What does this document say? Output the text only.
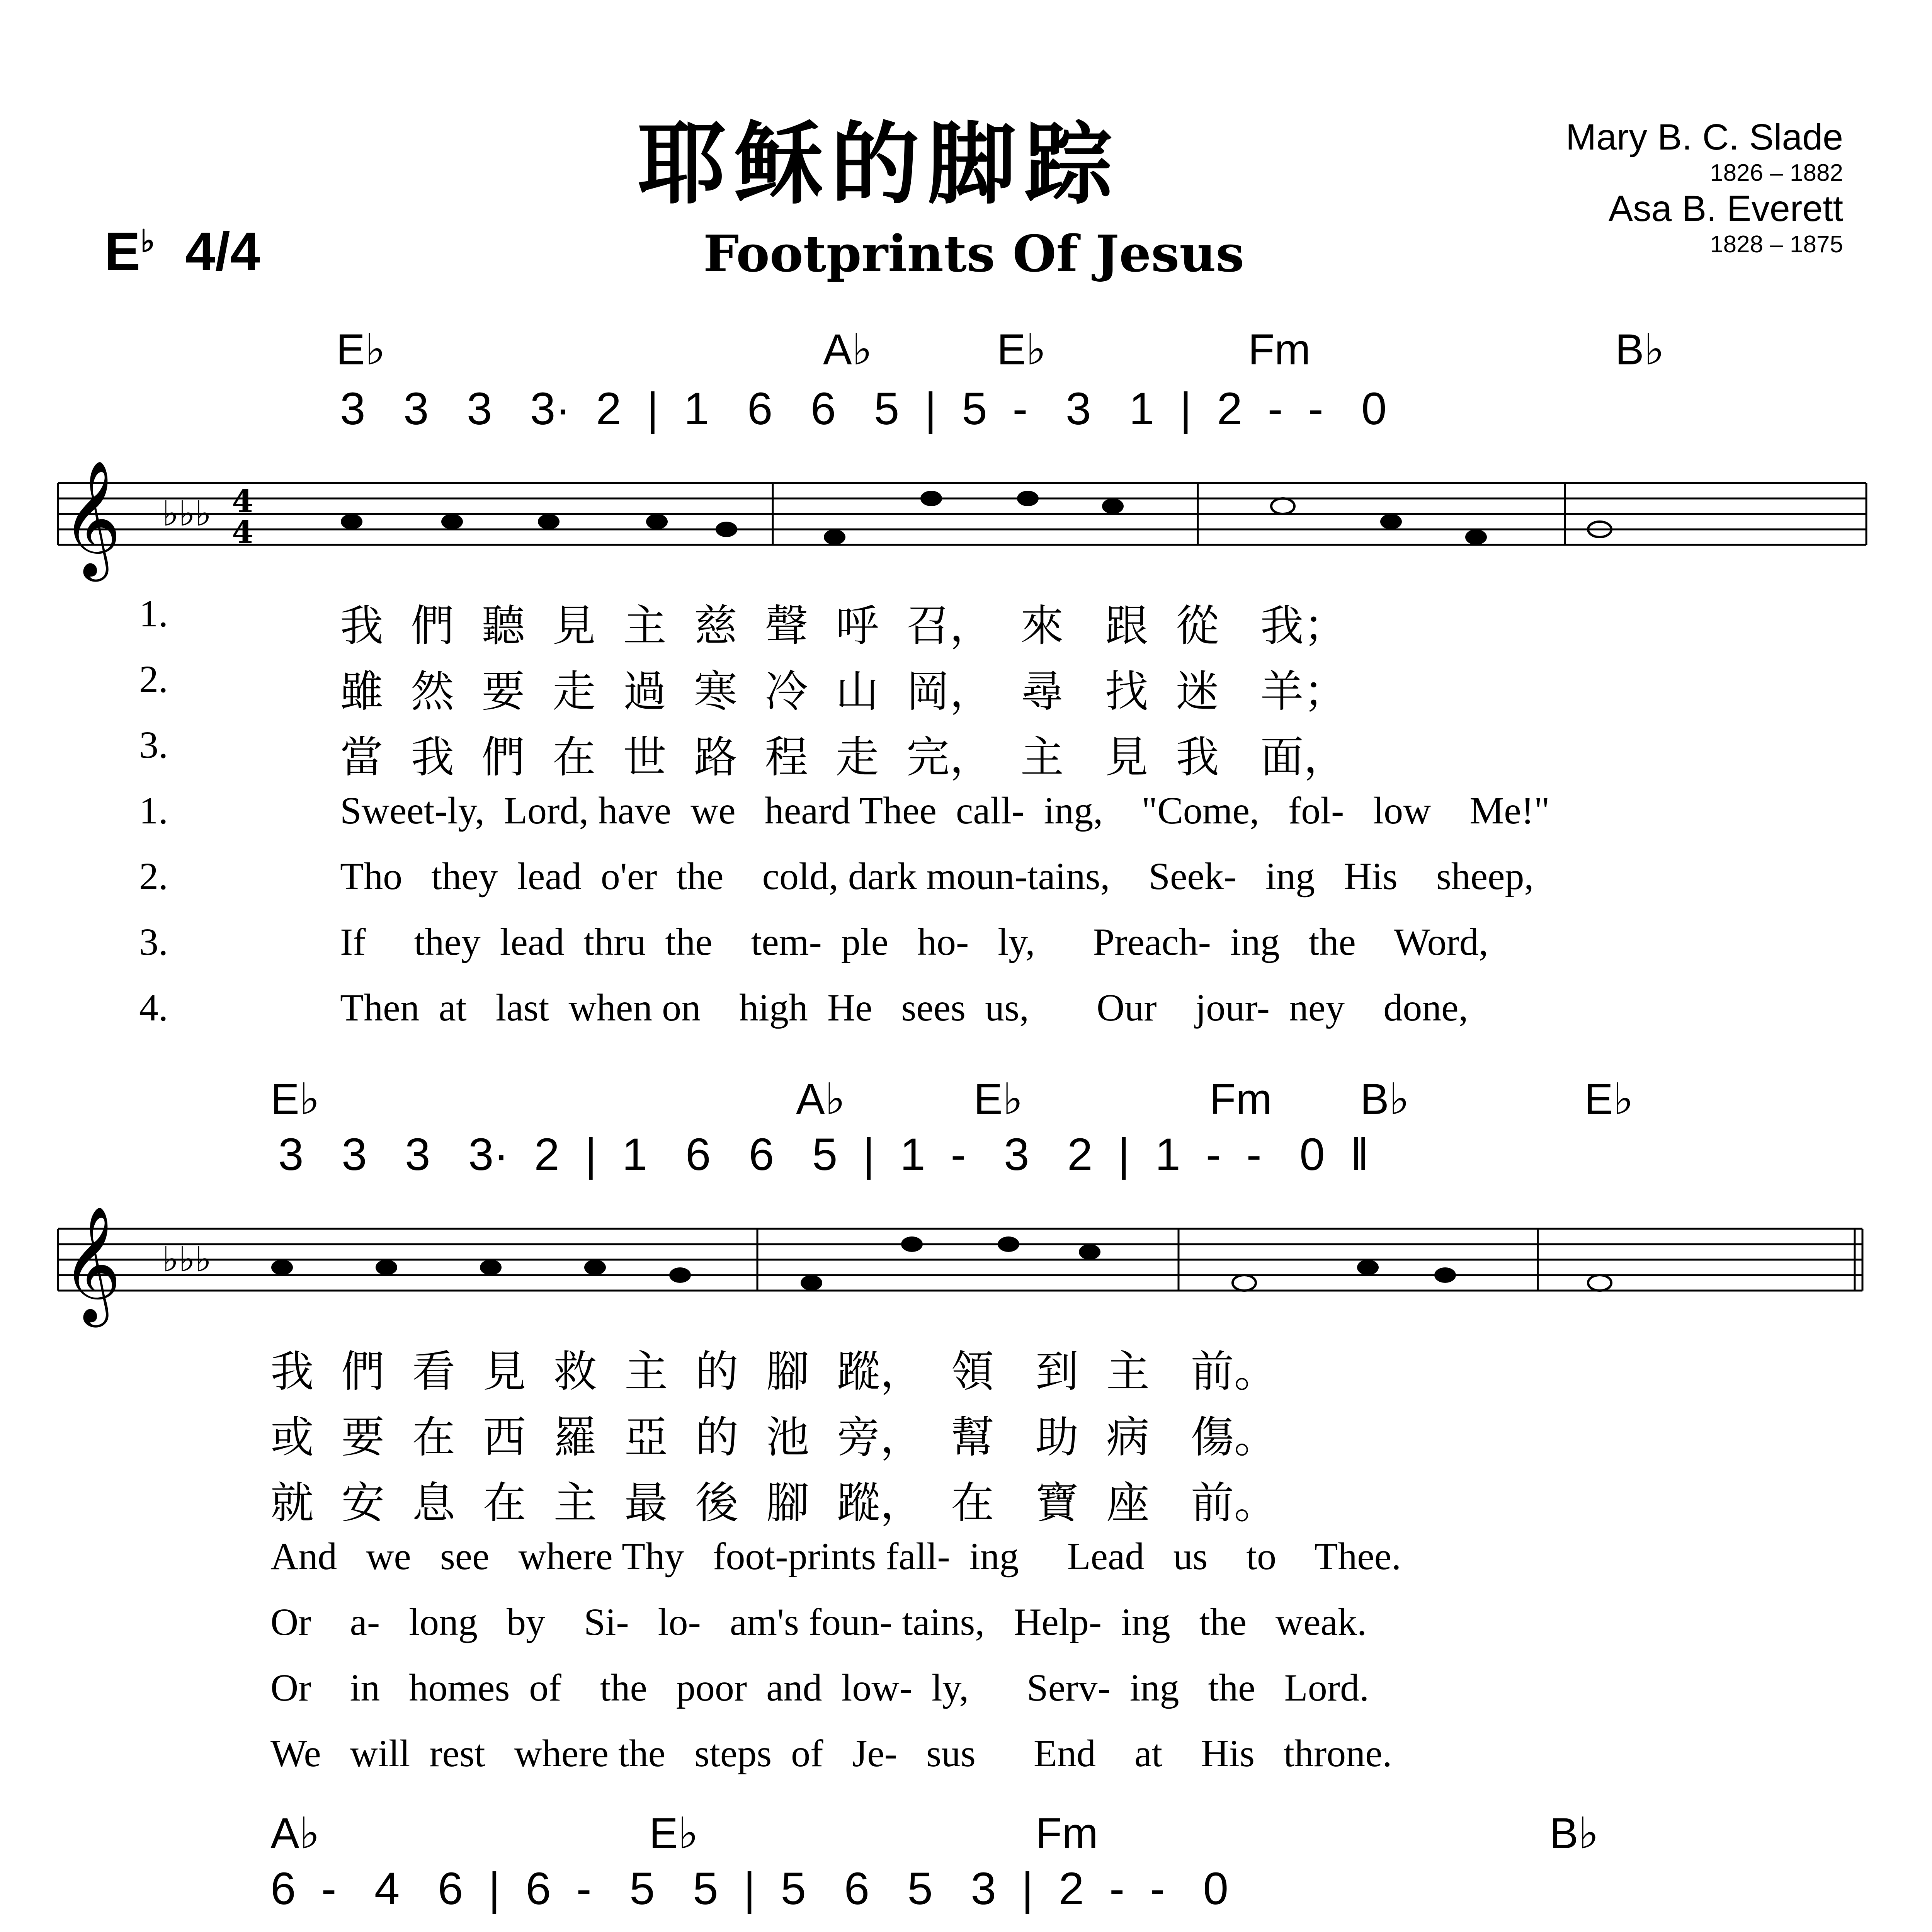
耶稣的脚踪
Footprints Of Jesus
E♭ 4/4
Mary B. C. Slade
1826 – 1882
Asa B. Everett
1828 – 1875
E♭	A♭	E♭	Fm	B♭
3   3   3   3·  2  |  1   6   6   5  |  5  -   3   1  |  2  -  -   0
𝄞 ♭♭♭ 4
4
1.	我  們  聽  見  主  慈  聲  呼  召，  來   跟  從   我；
2.	雖  然  要  走  過  寒  冷  山  岡，  尋   找  迷   羊；
3.	當  我  們  在  世  路  程  走  完，  主   見  我   面，
1.	Sweet-ly,  Lord, have  we   heard Thee  call-  ing,    "Come,   fol-   low    Me!"
2.	Tho   they  lead  o'er  the    cold, dark moun-tains,    Seek-   ing   His    sheep,
3.	If     they  lead  thru  the    tem-  ple   ho-   ly,      Preach-  ing   the    Word,
4.	Then  at   last  when on    high  He   sees  us,       Our    jour-  ney    done,
E♭	A♭	E♭	Fm B♭	E♭
3   3   3   3·  2  |  1   6   6   5  |  1  -   3   2  |  1  -  -   0  ‖
𝄞 ♭♭♭
我  們  看  見  救  主  的  腳  蹤，  領   到  主   前。
或  要  在  西  羅  亞  的  池  旁，  幫   助  病   傷。
就  安  息  在  主  最  後  腳  蹤，  在   寶  座   前。
And   we   see   where Thy   foot-prints fall-  ing     Lead   us    to    Thee.
Or    a-   long   by    Si-   lo-   am's foun- tains,   Help-  ing   the   weak.
Or    in   homes  of    the   poor  and  low-  ly,      Serv-  ing   the   Lord.
We   will  rest   where the   steps  of   Je-   sus      End    at    His   throne.
A♭	E♭	Fm	B♭
6  -   4   6  |  6  -   5   5  |  5   6   5   3  |  2  -  -   0
